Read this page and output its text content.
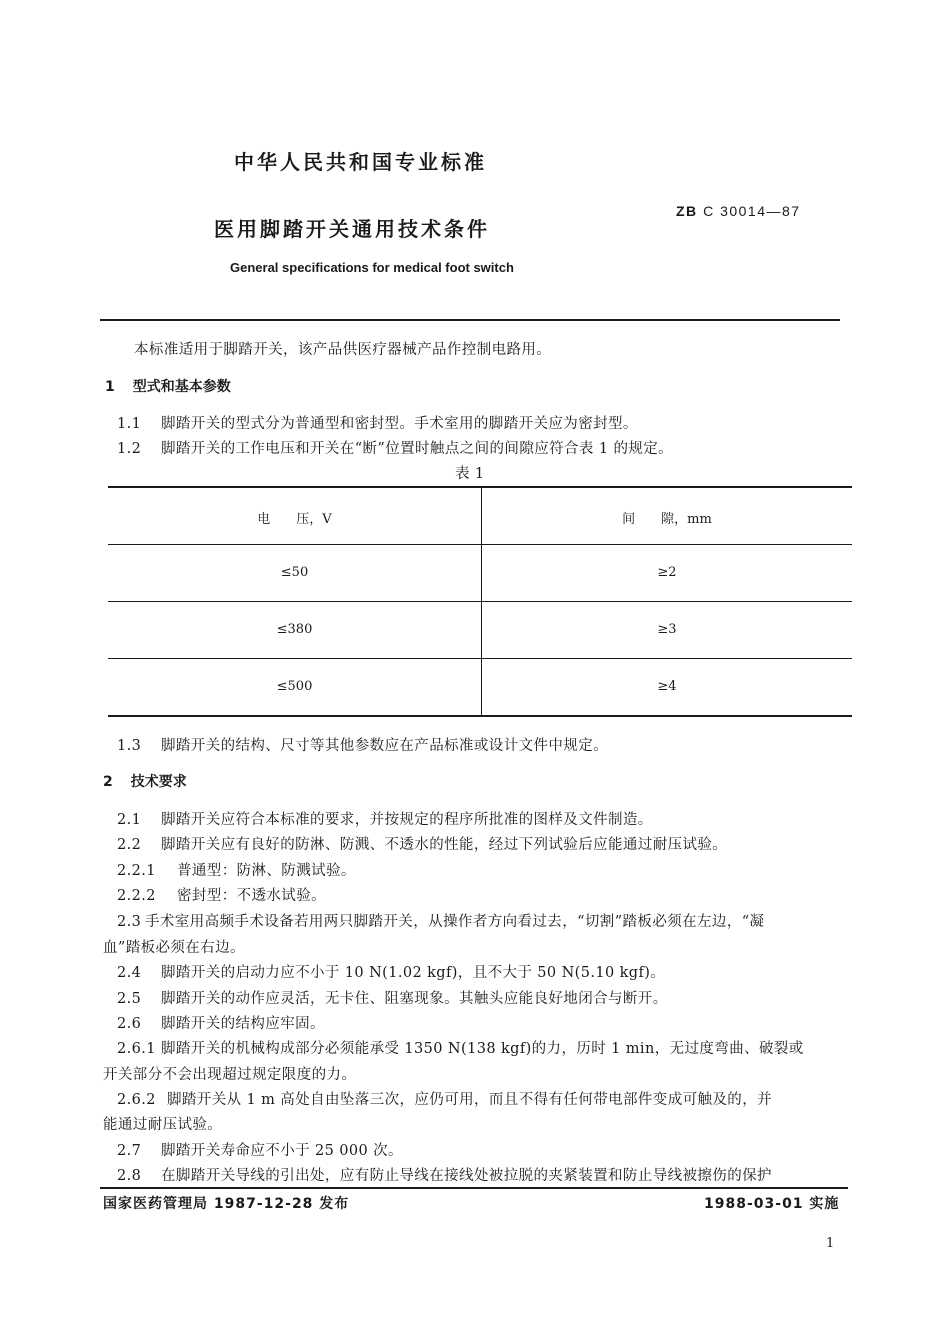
中华人民共和国专业标准
医用脚踏开关通用技术条件
ZB C 30014—87
General specifications for medical foot switch
本标准适用于脚踏开关，该产品供医疗器械产品作控制电路用。
1 型式和基本参数
1.1 脚踏开关的型式分为普通型和密封型。手术室用的脚踏开关应为密封型。
1.2 脚踏开关的工作电压和开关在“断”位置时触点之间的间隙应符合表 1 的规定。
表 1
电　　压，V	间　　隙，mm
≤50	≥2
≤380	≥3
≤500	≥4
1.3 脚踏开关的结构、尺寸等其他参数应在产品标准或设计文件中规定。
2 技术要求
2.1 脚踏开关应符合本标准的要求，并按规定的程序所批准的图样及文件制造。
2.2 脚踏开关应有良好的防淋、防溅、不透水的性能，经过下列试验后应能通过耐压试验。
2.2.1 普通型：防淋、防溅试验。
2.2.2 密封型：不透水试验。
2.3 手术室用高频手术设备若用两只脚踏开关，从操作者方向看过去，“切割”踏板必须在左边，“凝
血”踏板必须在右边。
2.4 脚踏开关的启动力应不小于 10 N(1.02 kgf)，且不大于 50 N(5.10 kgf)。
2.5 脚踏开关的动作应灵活，无卡住、阻塞现象。其触头应能良好地闭合与断开。
2.6 脚踏开关的结构应牢固。
2.6.1 脚踏开关的机械构成部分必须能承受 1350 N(138 kgf)的力，历时 1 min，无过度弯曲、破裂或
开关部分不会出现超过规定限度的力。
2.6.2 脚踏开关从 1 m 高处自由坠落三次，应仍可用，而且不得有任何带电部件变成可触及的，并
能通过耐压试验。
2.7 脚踏开关寿命应不小于 25 000 次。
2.8 在脚踏开关导线的引出处，应有防止导线在接线处被拉脱的夹紧装置和防止导线被擦伤的保护
国家医药管理局 1987-12-28 发布	1988-03-01 实施
1
